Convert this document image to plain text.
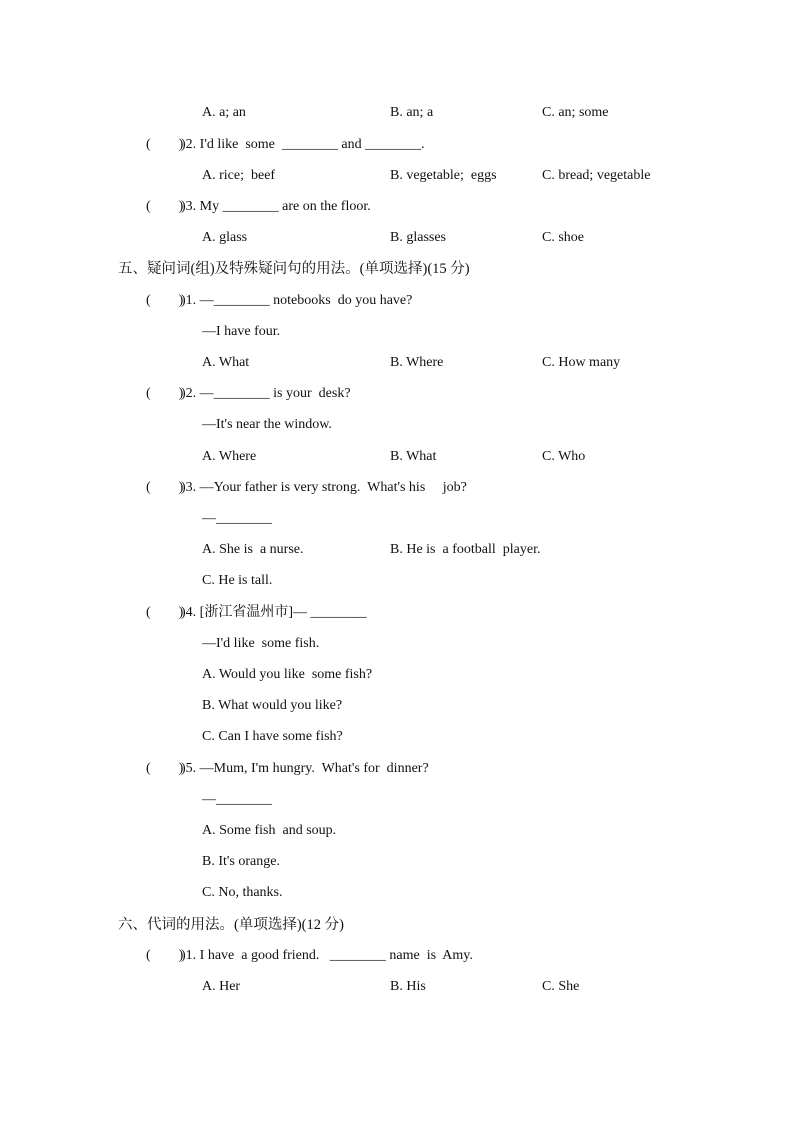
A. a; an	B. an; a	C. an; some
(        )
)2. I'd like  some  ________ and ________.
A. rice;  beef	B. vegetable;  eggs	C. bread; vegetable
(        )
)3. My ________ are on the floor.
A. glass	B. glasses	C. shoe
五、疑问词(组)及特殊疑问句的用法。(单项选择)(15 分)
(        )
)1. —________ notebooks  do you have?
—I have four.
A. What	B. Where	C. How many
(        )
)2. —________ is your  desk?
—It's near the window.
A. Where	B. What	C. Who
(        )
)3. —Your father is very strong.  What's his     job?
—________
A. She is  a nurse.	B. He is  a football  player.
C. He is tall.
(        )
)4. [浙江省温州市]— ________
—I'd like  some fish.
A. Would you like  some fish?
B. What would you like?
C. Can I have some fish?
(        )
)5. —Mum, I'm hungry.  What's for  dinner?
—________
A. Some fish  and soup.
B. It's orange.
C. No, thanks.
六、代词的用法。(单项选择)(12 分)
(        )
)1. I have  a good friend.   ________ name  is  Amy.
A. Her	B. His	C. She
